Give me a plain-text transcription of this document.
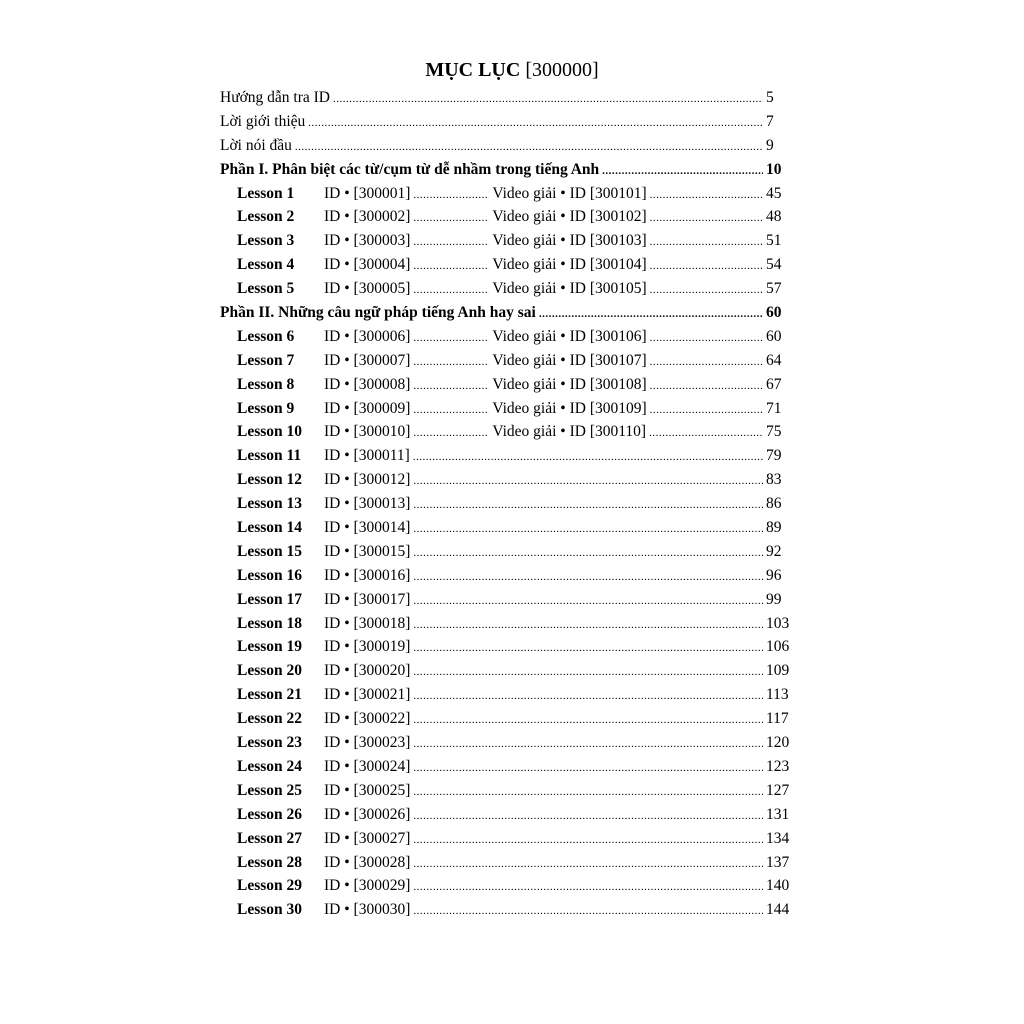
MỤC LỤC [300000]
Hướng dẫn tra ID .....	5
Lời giới thiệu .....	7
Lời nói đầu .....	9
Phần I. Phân biệt các từ/cụm từ dễ nhầm trong tiếng Anh .....	10
Lesson 1	ID • [300001] .....	Video giải • ID [300101] .....	45
Lesson 2	ID • [300002] .....	Video giải • ID [300102] .....	48
Lesson 3	ID • [300003] .....	Video giải • ID [300103] .....	51
Lesson 4	ID • [300004] .....	Video giải • ID [300104] .....	54
Lesson 5	ID • [300005] .....	Video giải • ID [300105] .....	57
Phần II. Những câu ngữ pháp tiếng Anh hay sai .....	60
Lesson 6	ID • [300006] .....	Video giải • ID [300106] .....	60
Lesson 7	ID • [300007] .....	Video giải • ID [300107] .....	64
Lesson 8	ID • [300008] .....	Video giải • ID [300108] .....	67
Lesson 9	ID • [300009] .....	Video giải • ID [300109] .....	71
Lesson 10	ID • [300010] .....	Video giải • ID [300110] .....	75
Lesson 11	ID • [300011] .....	79
Lesson 12	ID • [300012] .....	83
Lesson 13	ID • [300013] .....	86
Lesson 14	ID • [300014] .....	89
Lesson 15	ID • [300015] .....	92
Lesson 16	ID • [300016] .....	96
Lesson 17	ID • [300017] .....	99
Lesson 18	ID • [300018] .....	103
Lesson 19	ID • [300019] .....	106
Lesson 20	ID • [300020] .....	109
Lesson 21	ID • [300021] .....	113
Lesson 22	ID • [300022] .....	117
Lesson 23	ID • [300023] .....	120
Lesson 24	ID • [300024] .....	123
Lesson 25	ID • [300025] .....	127
Lesson 26	ID • [300026] .....	131
Lesson 27	ID • [300027] .....	134
Lesson 28	ID • [300028] .....	137
Lesson 29	ID • [300029] .....	140
Lesson 30	ID • [300030] .....	144
